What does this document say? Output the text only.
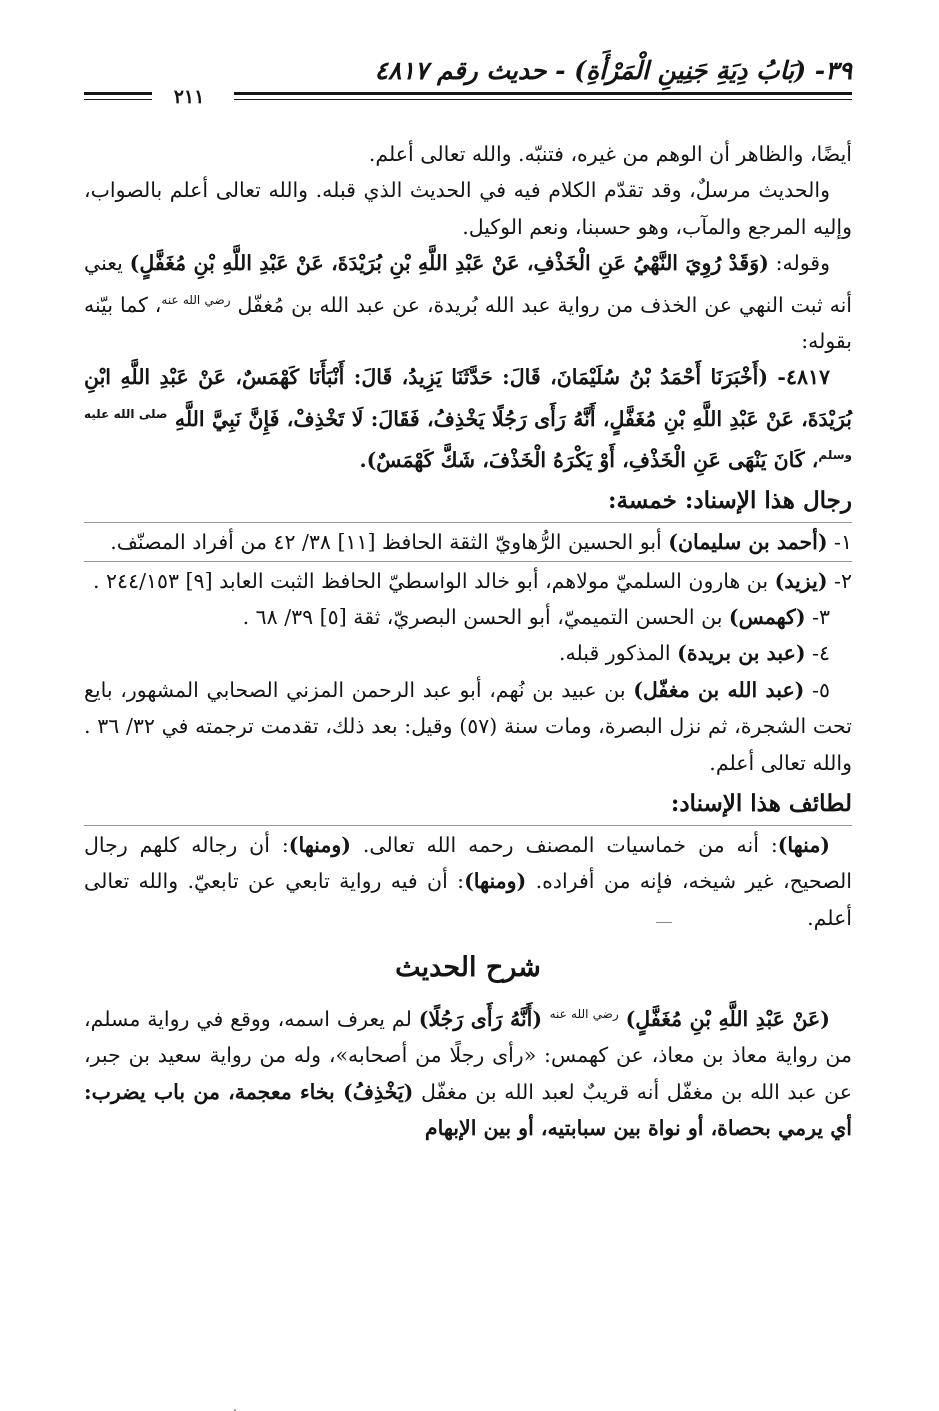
٣٩- (بَابُ دِيَةِ جَنِينِ الْمَرْأَةِ) - حديث رقم ٤٨١٧
٢١١

أيضًا، والظاهر أن الوهم من غيره، فتنبّه. والله تعالى أعلم.

والحديث مرسلٌ، وقد تقدّم الكلام فيه في الحديث الذي قبله. والله تعالى أعلم بالصواب، وإليه المرجع والمآب، وهو حسبنا، ونعم الوكيل.

وقوله: (وَقَدْ رُوِيَ النَّهْيُ عَنِ الْخَذْفِ، عَنْ عَبْدِ اللَّهِ بْنِ بُرَيْدَةَ، عَنْ عَبْدِ اللَّهِ بْنِ مُغَفَّلٍ) يعني أنه ثبت النهي عن الخذف من رواية عبد الله بُريدة، عن عبد الله بن مُغفّل $^{رضي الله عنه}$، كما بيّنه بقوله:

٤٨١٧- (أَخْبَرَنَا أَحْمَدُ بْنُ سُلَيْمَانَ، قَالَ: حَدَّثَنَا يَزِيدُ، قَالَ: أَنْبَأَنَا كَهْمَسٌ، عَنْ عَبْدِ اللَّهِ ابْنِ بُرَيْدَةَ، عَنْ عَبْدِ اللَّهِ بْنِ مُغَفَّلٍ، أَنَّهُ رَأَى رَجُلًا يَخْذِفُ، فَقَالَ: لَا تَخْذِفْ، فَإِنَّ نَبِيَّ اللَّهِ $^{صلى الله عليه وسلم}$، كَانَ يَنْهَى عَنِ الْخَذْفِ، أَوْ يَكْرَهُ الْخَذْفَ، شَكَّ كَهْمَسٌ).

رجال هذا الإسناد: خمسة:

١- (أحمد بن سليمان) أبو الحسين الرُّهاويّ الثقة الحافظ [١١] ٣٨/ ٤٢ من أفراد المصنّف.

٢- (يزيد) بن هارون السلميّ مولاهم، أبو خالد الواسطيّ الحافظ الثبت العابد [٩] ٢٤٤/١٥٣ .

٣- (كهمس) بن الحسن التميميّ، أبو الحسن البصريّ، ثقة [٥] ٣٩/ ٦٨ .

٤- (عبد بن بريدة) المذكور قبله.

٥- (عبد الله بن مغفّل) بن عبيد بن نُهم، أبو عبد الرحمن المزني الصحابي المشهور، بايع تحت الشجرة، ثم نزل البصرة، ومات سنة (٥٧) وقيل: بعد ذلك، تقدمت ترجمته في ٣٢/ ٣٦ . والله تعالى أعلم.

لطائف هذا الإسناد:

(منها): أنه من خماسيات المصنف رحمه الله تعالى. (ومنها): أن رجاله كلهم رجال الصحيح، غير شيخه، فإنه من أفراده. (ومنها): أن فيه رواية تابعي عن تابعيّ. والله تعالى أعلم.

شرح الحديث

(عَنْ عَبْدِ اللَّهِ بْنِ مُغَفَّلٍ) $^{رضي الله عنه}$ (أَنَّهُ رَأَى رَجُلًا) لم يعرف اسمه، ووقع في رواية مسلم، من رواية معاذ بن معاذ، عن كهمس: «رأى رجلًا من أصحابه»، وله من رواية سعيد بن جبر، عن عبد الله بن مغفّل أنه قريبٌ لعبد الله بن مغفّل (يَخْذِفُ) بخاء معجمة، من باب يضرب: أي يرمي بحصاة، أو نواة بين سبابتيه، أو بين الإبهام
